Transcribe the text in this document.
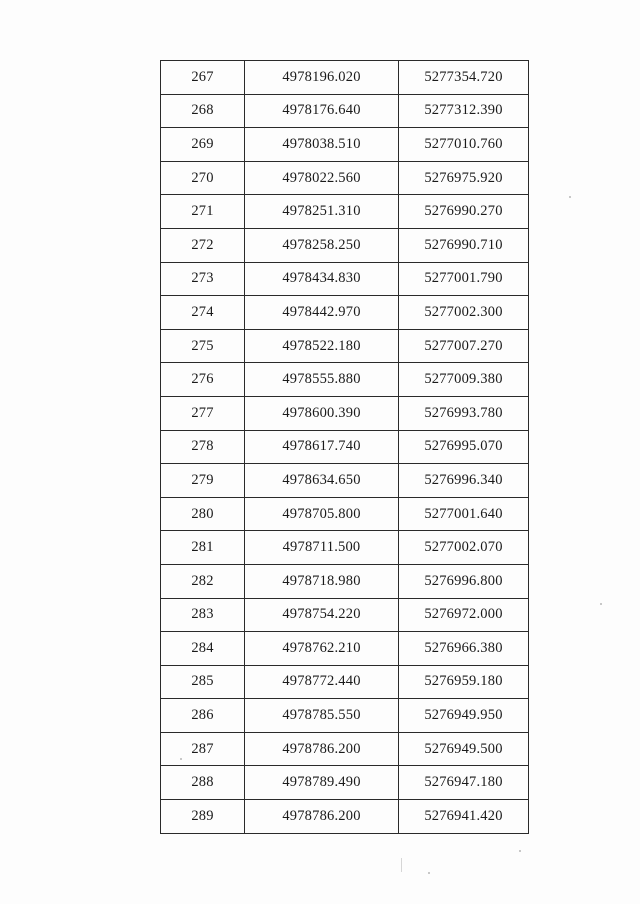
267	4978196.020	5277354.720
268	4978176.640	5277312.390
269	4978038.510	5277010.760
270	4978022.560	5276975.920
271	4978251.310	5276990.270
272	4978258.250	5276990.710
273	4978434.830	5277001.790
274	4978442.970	5277002.300
275	4978522.180	5277007.270
276	4978555.880	5277009.380
277	4978600.390	5276993.780
278	4978617.740	5276995.070
279	4978634.650	5276996.340
280	4978705.800	5277001.640
281	4978711.500	5277002.070
282	4978718.980	5276996.800
283	4978754.220	5276972.000
284	4978762.210	5276966.380
285	4978772.440	5276959.180
286	4978785.550	5276949.950
287	4978786.200	5276949.500
288	4978789.490	5276947.180
289	4978786.200	5276941.420
